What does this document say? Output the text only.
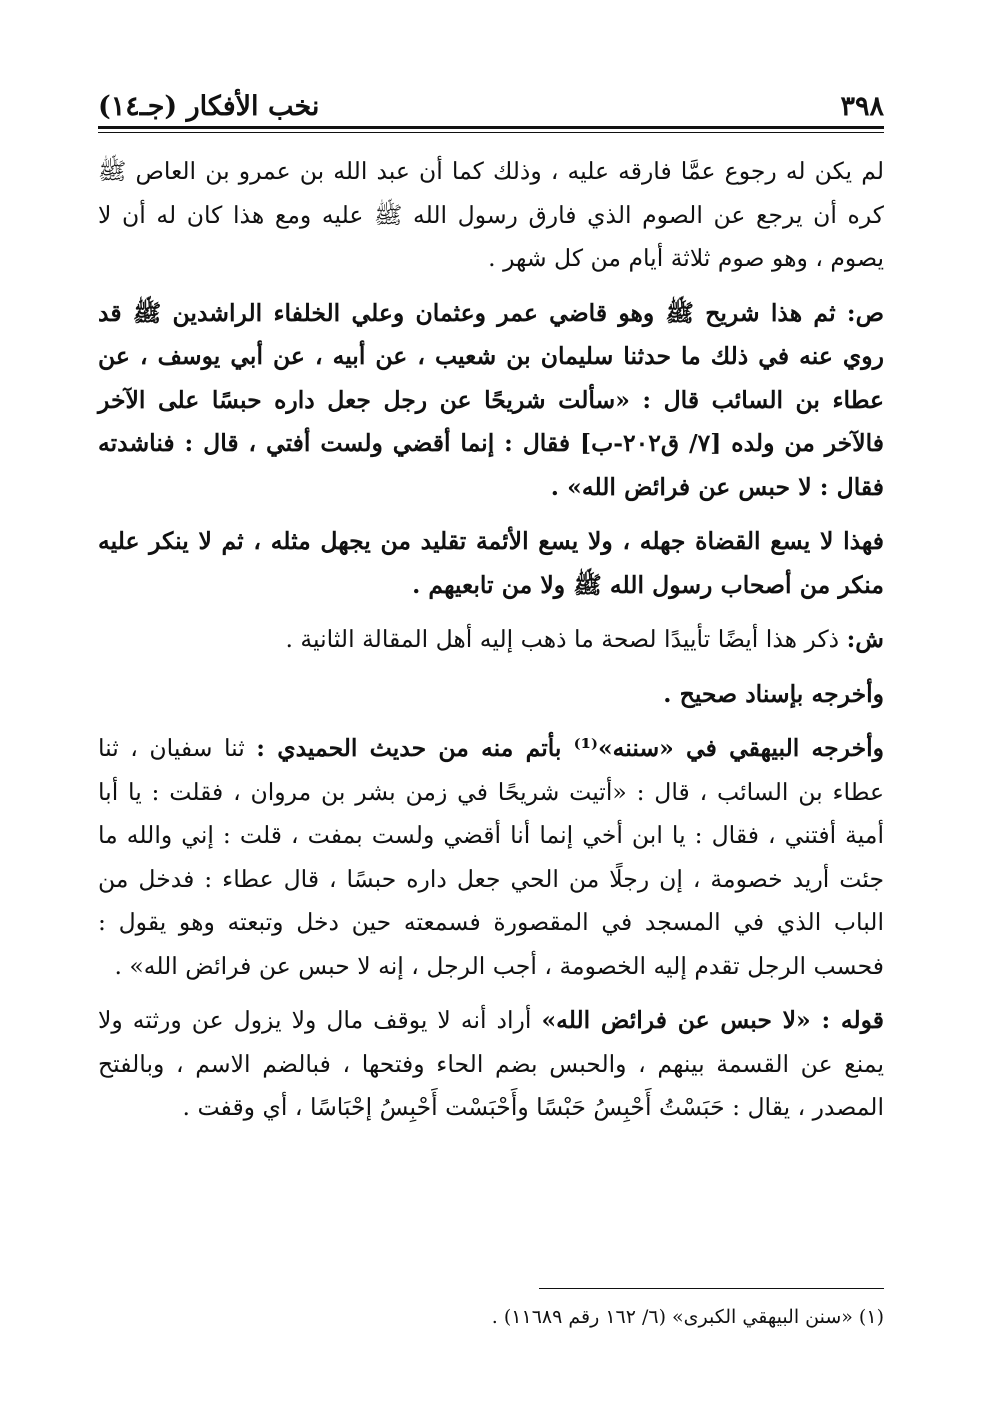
٣٩٨
نخب الأفكار (جـ١٤)

لم يكن له رجوع عمَّا فارقه عليه ، وذلك كما أن عبد الله بن عمرو بن العاص ﷺ كره أن يرجع عن الصوم الذي فارق رسول الله ﷺ عليه ومع هذا كان له أن لا يصوم ، وهو صوم ثلاثة أيام من كل شهر .

ص: ثم هذا شريح ﷺ وهو قاضي عمر وعثمان وعلي الخلفاء الراشدين ﷺ قد روي عنه في ذلك ما حدثنا سليمان بن شعيب ، عن أبيه ، عن أبي يوسف ، عن عطاء بن السائب قال : «سألت شريحًا عن رجل جعل داره حبسًا على الآخر فالآخر من ولده [٧/ ق٢٠٢-ب] فقال : إنما أقضي ولست أفتي ، قال : فناشدته فقال : لا حبس عن فرائض الله» .

فهذا لا يسع القضاة جهله ، ولا يسع الأئمة تقليد من يجهل مثله ، ثم لا ينكر عليه منكر من أصحاب رسول الله ﷺ ولا من تابعيهم .

ش: ذكر هذا أيضًا تأييدًا لصحة ما ذهب إليه أهل المقالة الثانية .

وأخرجه بإسناد صحيح .

وأخرجه البيهقي في «سننه»⁽¹⁾ بأتم منه من حديث الحميدي : ثنا سفيان ، ثنا عطاء بن السائب ، قال : «أتيت شريحًا في زمن بشر بن مروان ، فقلت : يا أبا أمية أفتني ، فقال : يا ابن أخي إنما أنا أقضي ولست بمفت ، قلت : إني والله ما جئت أريد خصومة ، إن رجلًا من الحي جعل داره حبسًا ، قال عطاء : فدخل من الباب الذي في المسجد في المقصورة فسمعته حين دخل وتبعته وهو يقول : فحسب الرجل تقدم إليه الخصومة ، أجب الرجل ، إنه لا حبس عن فرائض الله» .

قوله : «لا حبس عن فرائض الله» أراد أنه لا يوقف مال ولا يزول عن ورثته ولا يمنع عن القسمة بينهم ، والحبس بضم الحاء وفتحها ، فبالضم الاسم ، وبالفتح المصدر ، يقال : حَبَسْتُ أَحْبِسُ حَبْسًا وأَحْبَسْت أَحْبِسُ إحْبَاسًا ، أي وقفت .

(١) «سنن البيهقي الكبرى» (٦/ ١٦٢ رقم ١١٦٨٩) .
